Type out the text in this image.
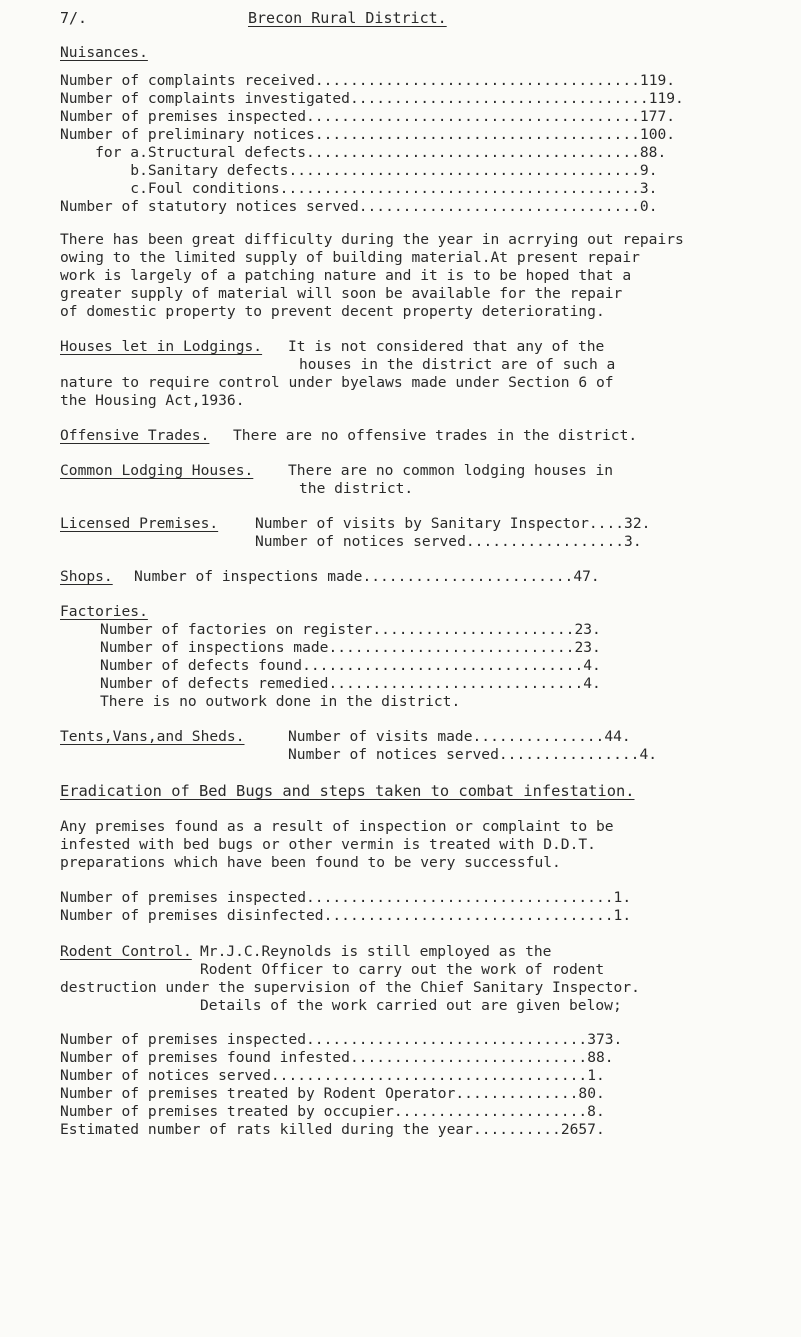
7/.	Brecon Rural District.
Nuisances.
Number of complaints received.....................................119.
Number of complaints investigated..................................119.
Number of premises inspected......................................177.
Number of preliminary notices.....................................100.
for a.Structural defects......................................88.
b.Sanitary defects........................................9.
c.Foul conditions.........................................3.
Number of statutory notices served................................0.
There has been great difficulty during the year in acrrying out repairs
owing to the limited supply of building material.At present repair
work is largely of a patching nature and it is to be hoped that a
greater supply of material will soon be available for the repair
of domestic property to prevent decent property deteriorating.
Houses let in Lodgings. It is not considered that any of the
houses in the district are of such a
nature to require control under byelaws made under Section 6 of
the Housing Act,1936.
Offensive Trades. There are no offensive trades in the district.
Common Lodging Houses. There are no common lodging houses in
the district.
Licensed Premises.	Number of visits by Sanitary Inspector....32.
Number of notices served..................3.
Shops. Number of inspections made........................47.
Factories.
Number of factories on register.......................23.
Number of inspections made............................23.
Number of defects found................................4.
Number of defects remedied.............................4.
There is no outwork done in the district.
Tents,Vans,and Sheds.	Number of visits made...............44.
Number of notices served................4.
Eradication of Bed Bugs and steps taken to combat infestation.
Any premises found as a result of inspection or complaint to be
infested with bed bugs or other vermin is treated with D.D.T.
preparations which have been found to be very successful.
Number of premises inspected...................................1.
Number of premises disinfected.................................1.
Rodent Control. Mr.J.C.Reynolds is still employed as the
Rodent Officer to carry out the work of rodent
destruction under the supervision of the Chief Sanitary Inspector.
Details of the work carried out are given below;
Number of premises inspected................................373.
Number of premises found infested...........................88.
Number of notices served....................................1.
Number of premises treated by Rodent Operator..............80.
Number of premises treated by occupier......................8.
Estimated number of rats killed during the year..........2657.
